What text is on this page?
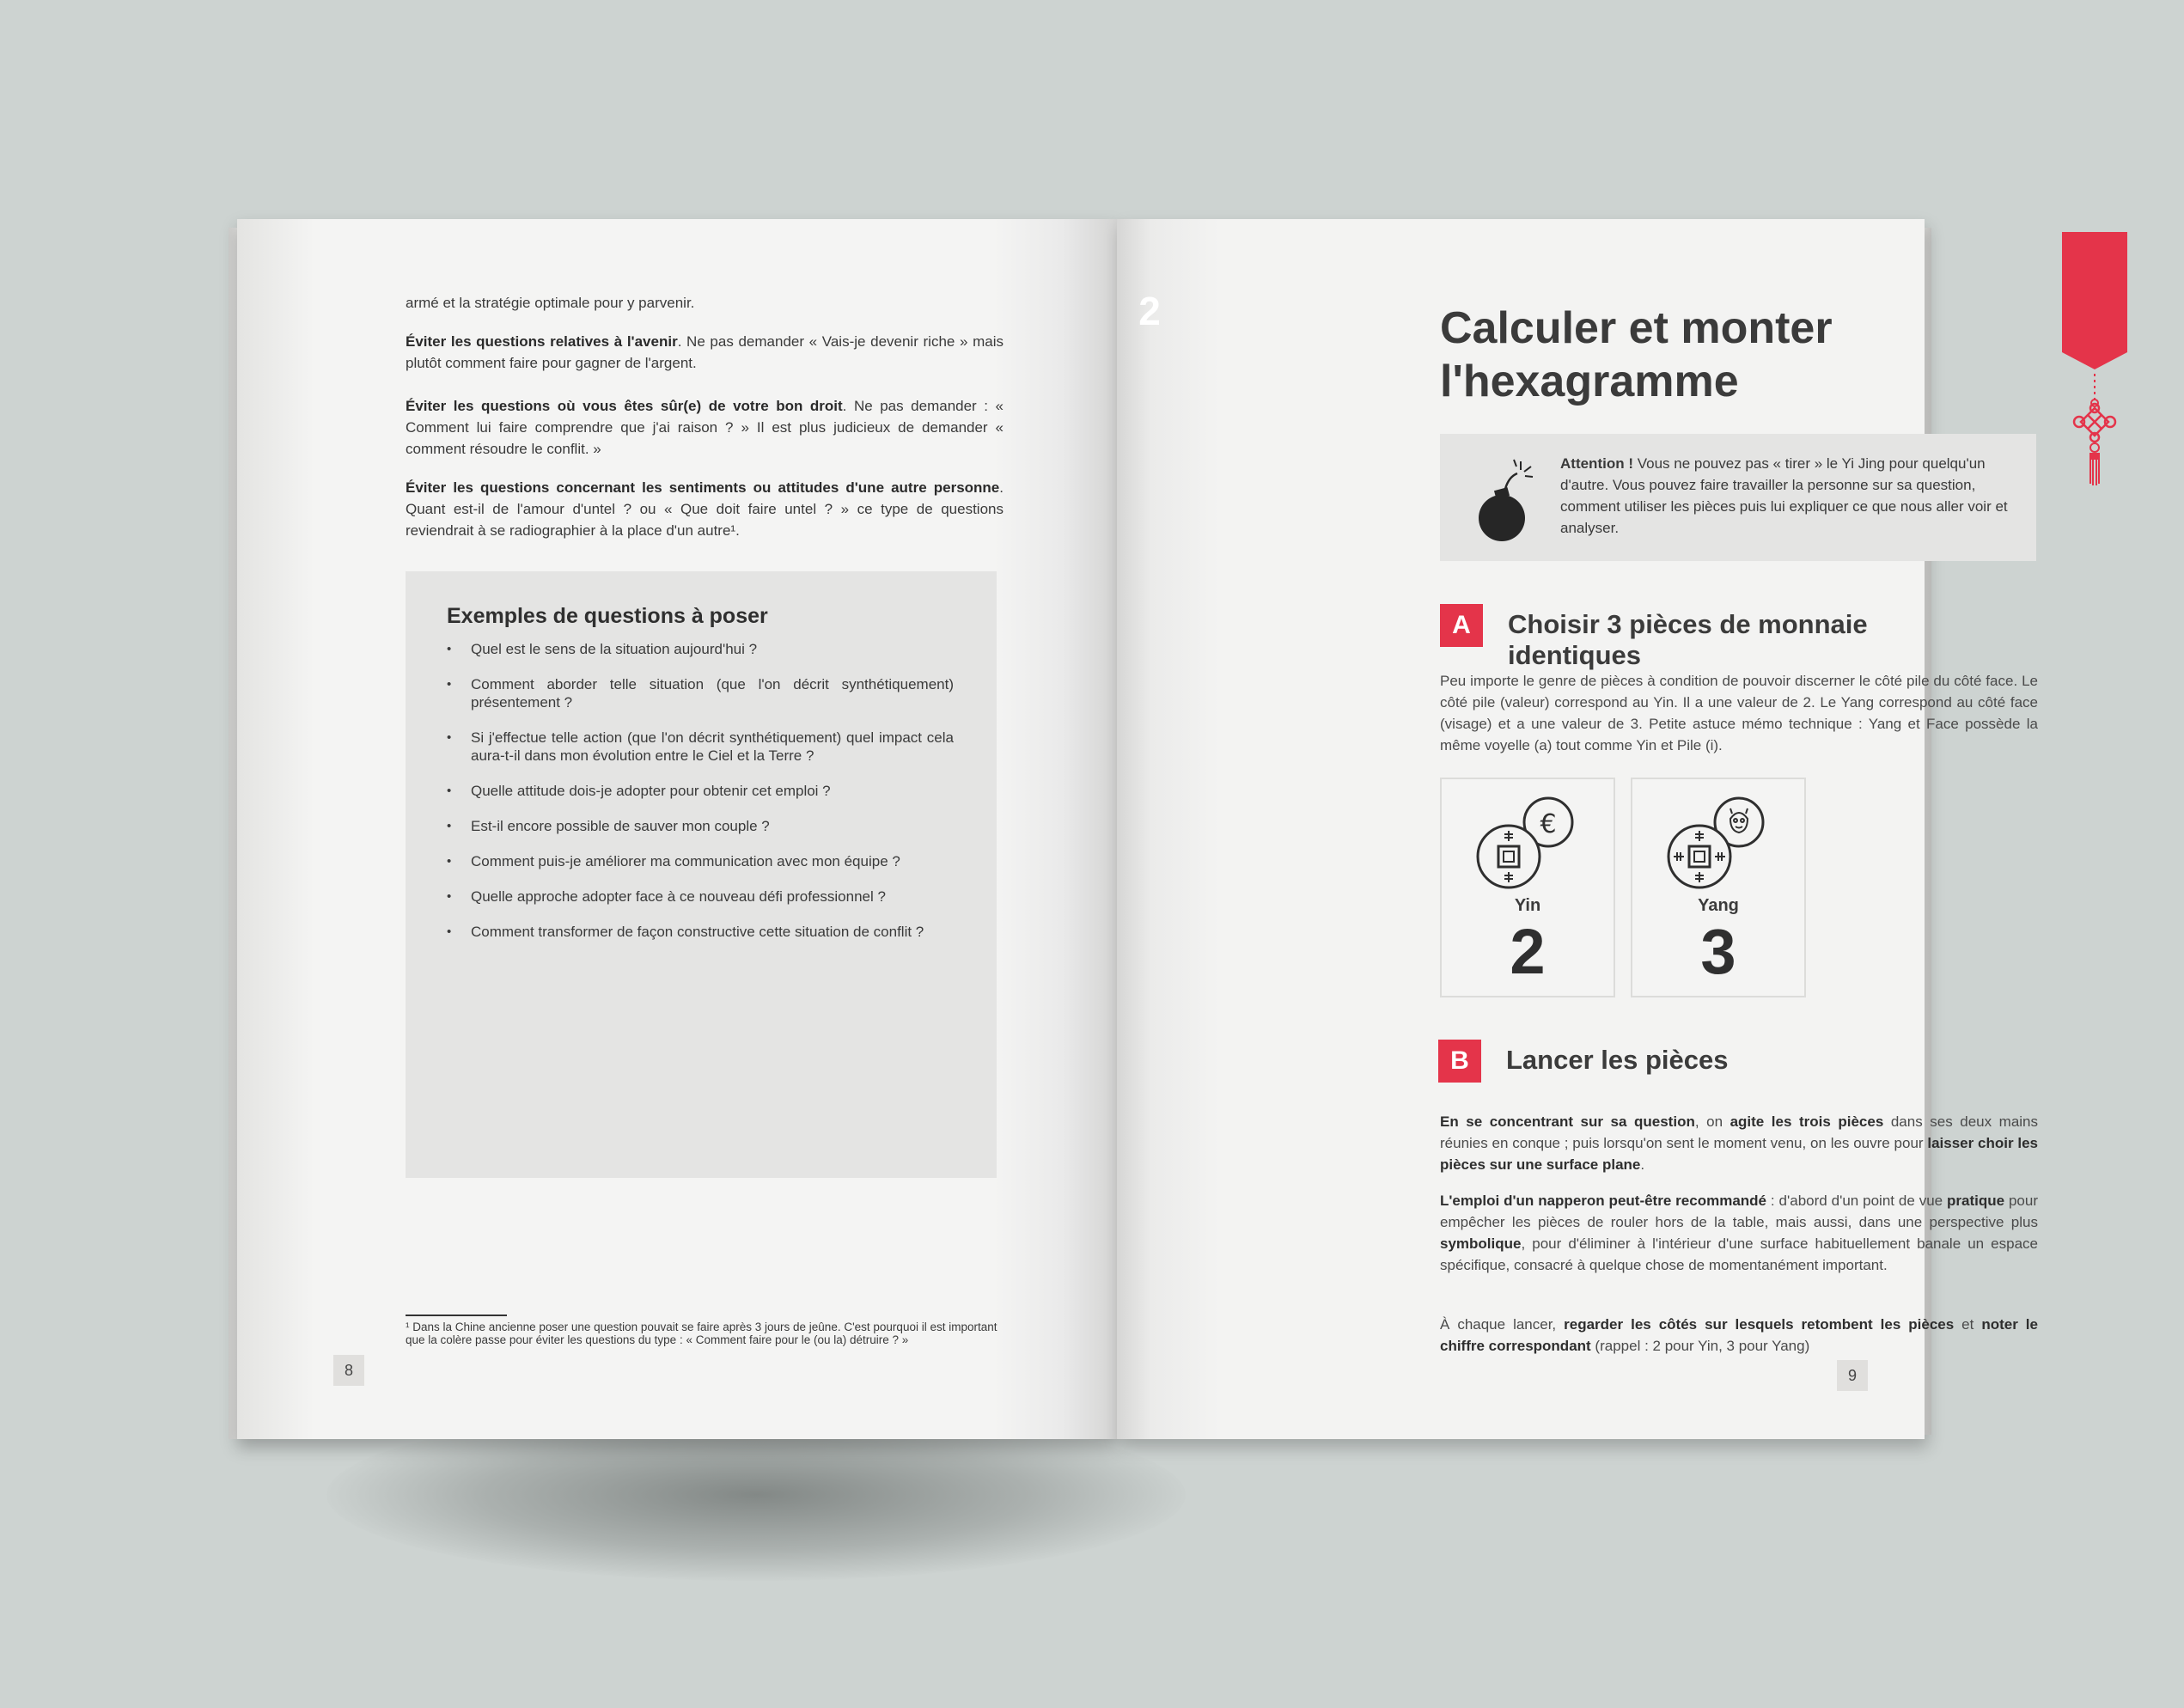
armé et la stratégie optimale pour y parvenir.
Éviter les questions relatives à l'avenir. Ne pas demander « Vais-je devenir riche » mais plutôt comment faire pour gagner de l'argent.
Éviter les questions où vous êtes sûr(e) de votre bon droit. Ne pas demander : « Comment lui faire comprendre que j'ai raison ? » Il est plus judicieux de demander « comment résoudre le conflit. »
Éviter les questions concernant les sentiments ou attitudes d'une autre personne. Quant est-il de l'amour d'untel ? ou « Que doit faire untel ? » ce type de questions reviendrait à se radiographier à la place d'un autre¹.
Exemples de questions à poser
• Quel est le sens de la situation aujourd'hui ?
• Comment aborder telle situation (que l'on décrit synthétiquement) présentement ?
• Si j'effectue telle action (que l'on décrit synthétiquement) quel impact cela aura-t-il dans mon évolution entre le Ciel et la Terre ?
• Quelle attitude dois-je adopter pour obtenir cet emploi ?
• Est-il encore possible de sauver mon couple ?
• Comment puis-je améliorer ma communication avec mon équipe ?
• Quelle approche adopter face à ce nouveau défi professionnel ?
• Comment transformer de façon constructive cette situation de conflit ?
¹ Dans la Chine ancienne poser une question pouvait se faire après 3 jours de jeûne. C'est pourquoi il est important que la colère passe pour éviter les questions du type : « Comment faire pour le (ou la) détruire ? »
8
Calculer et monter
l'hexagramme
2
Attention ! Vous ne pouvez pas « tirer » le Yi Jing pour quelqu'un d'autre. Vous pouvez faire travailler la personne sur sa question, comment utiliser les pièces puis lui expliquer ce que nous aller voir et analyser.
A	Choisir 3 pièces de monnaie identiques
Peu importe le genre de pièces à condition de pouvoir discerner le côté pile du côté face. Le côté pile (valeur) correspond au Yin. Il a une valeur de 2. Le Yang correspond au côté face (visage) et a une valeur de 3. Petite astuce mémo technique : Yang et Face possède la même voyelle (a) tout comme Yin et Pile (i).
€
Yin
2
Yang
3
B	Lancer les pièces
En se concentrant sur sa question, on agite les trois pièces dans ses deux mains réunies en conque ; puis lorsqu'on sent le moment venu, on les ouvre pour laisser choir les pièces sur une surface plane.
L'emploi d'un napperon peut-être recommandé : d'abord d'un point de vue pratique pour empêcher les pièces de rouler hors de la table, mais aussi, dans une perspective plus symbolique, pour d'éliminer à l'intérieur d'une surface habituellement banale un espace spécifique, consacré à quelque chose de momentanément important.
À chaque lancer, regarder les côtés sur lesquels retombent les pièces et noter le chiffre correspondant (rappel : 2 pour Yin, 3 pour Yang)
9
